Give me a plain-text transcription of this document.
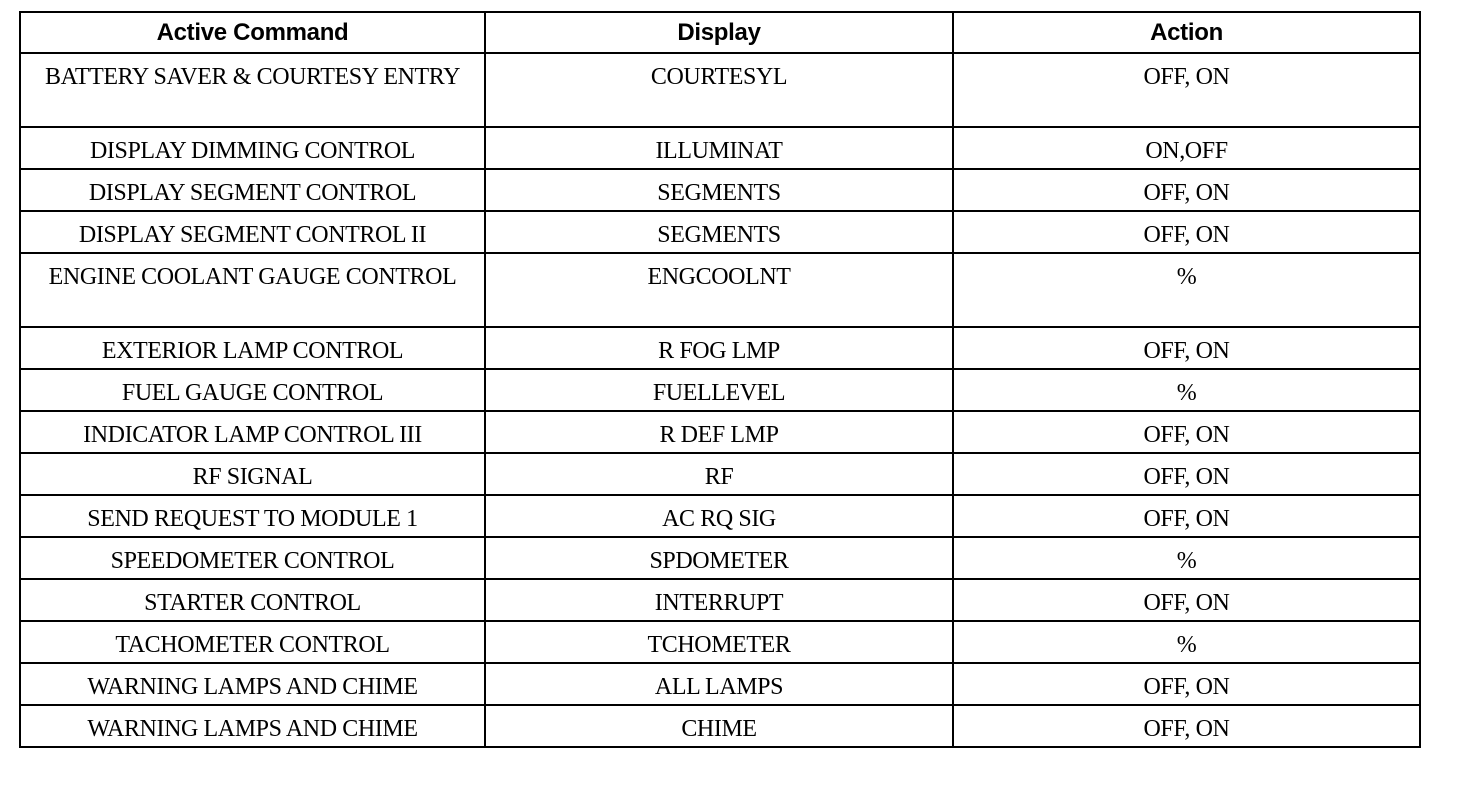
Active Command	Display	Action
BATTERY SAVER & COURTESY ENTRY	COURTESYL	OFF, ON
DISPLAY DIMMING CONTROL	ILLUMINAT	ON,OFF
DISPLAY SEGMENT CONTROL	SEGMENTS	OFF, ON
DISPLAY SEGMENT CONTROL II	SEGMENTS	OFF, ON
ENGINE COOLANT GAUGE CONTROL	ENGCOOLNT	%
EXTERIOR LAMP CONTROL	R FOG LMP	OFF, ON
FUEL GAUGE CONTROL	FUELLEVEL	%
INDICATOR LAMP CONTROL III	R DEF LMP	OFF, ON
RF SIGNAL	RF	OFF, ON
SEND REQUEST TO MODULE 1	AC RQ SIG	OFF, ON
SPEEDOMETER CONTROL	SPDOMETER	%
STARTER CONTROL	INTERRUPT	OFF, ON
TACHOMETER CONTROL	TCHOMETER	%
WARNING LAMPS AND CHIME	ALL LAMPS	OFF, ON
WARNING LAMPS AND CHIME	CHIME	OFF, ON
